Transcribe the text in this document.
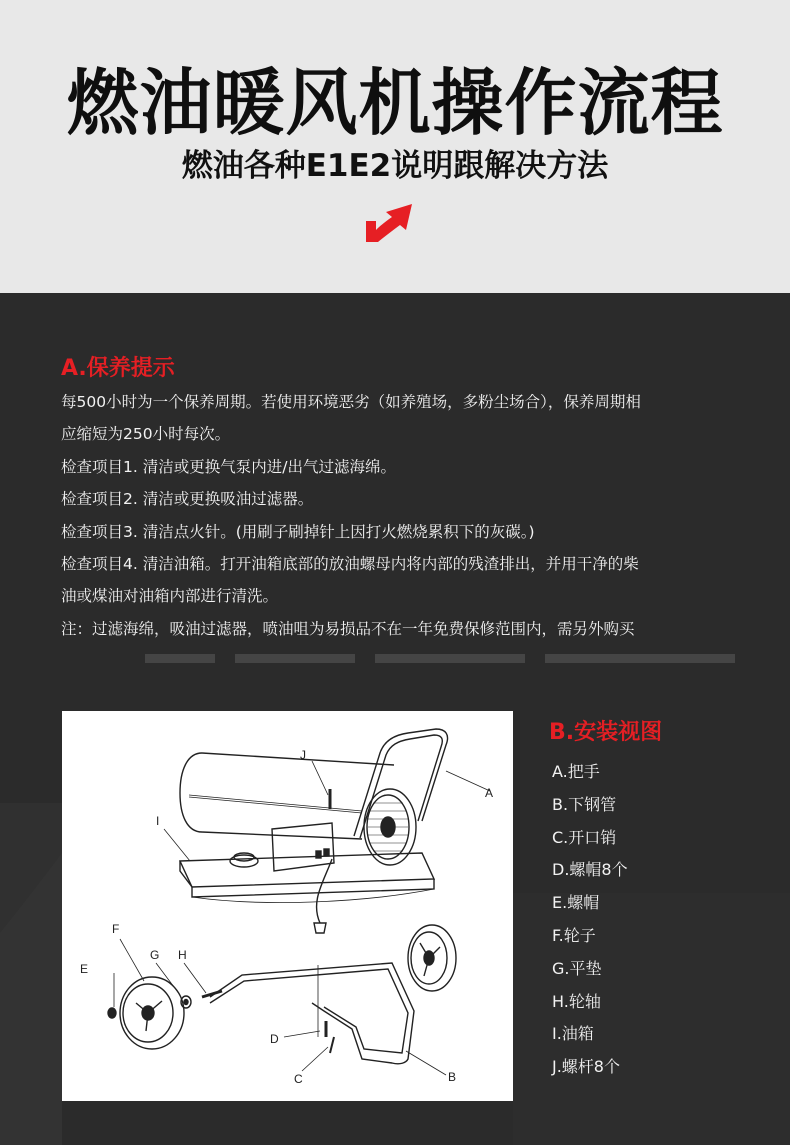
燃油暖风机操作流程
燃油各种E1E2说明跟解决方法
A.保养提示

每500小时为一个保养周期。若使用环境恶劣（如养殖场，多粉尘场合），保养周期相

应缩短为250小时每次。

检查项目1. 清洁或更换气泵内进/出气过滤海绵。

检查项目2. 清洁或更换吸油过滤器。

检查项目3. 清洁点火针。(用刷子刷掉针上因打火燃烧累积下的灰碳。)

检查项目4. 清洁油箱。打开油箱底部的放油螺母内将内部的残渣排出，并用干净的柴

油或煤油对油箱内部进行清洗。

注：过滤海绵，吸油过滤器，喷油咀为易损品不在一年免费保修范围内，需另外购买

J
I
A
F
E
G H
D
C	B
B.安装视图
A.把手
B.下钢管
C.开口销
D.螺帽8个
E.螺帽
F.轮子
G.平垫
H.轮轴
I.油箱
J.螺杆8个
